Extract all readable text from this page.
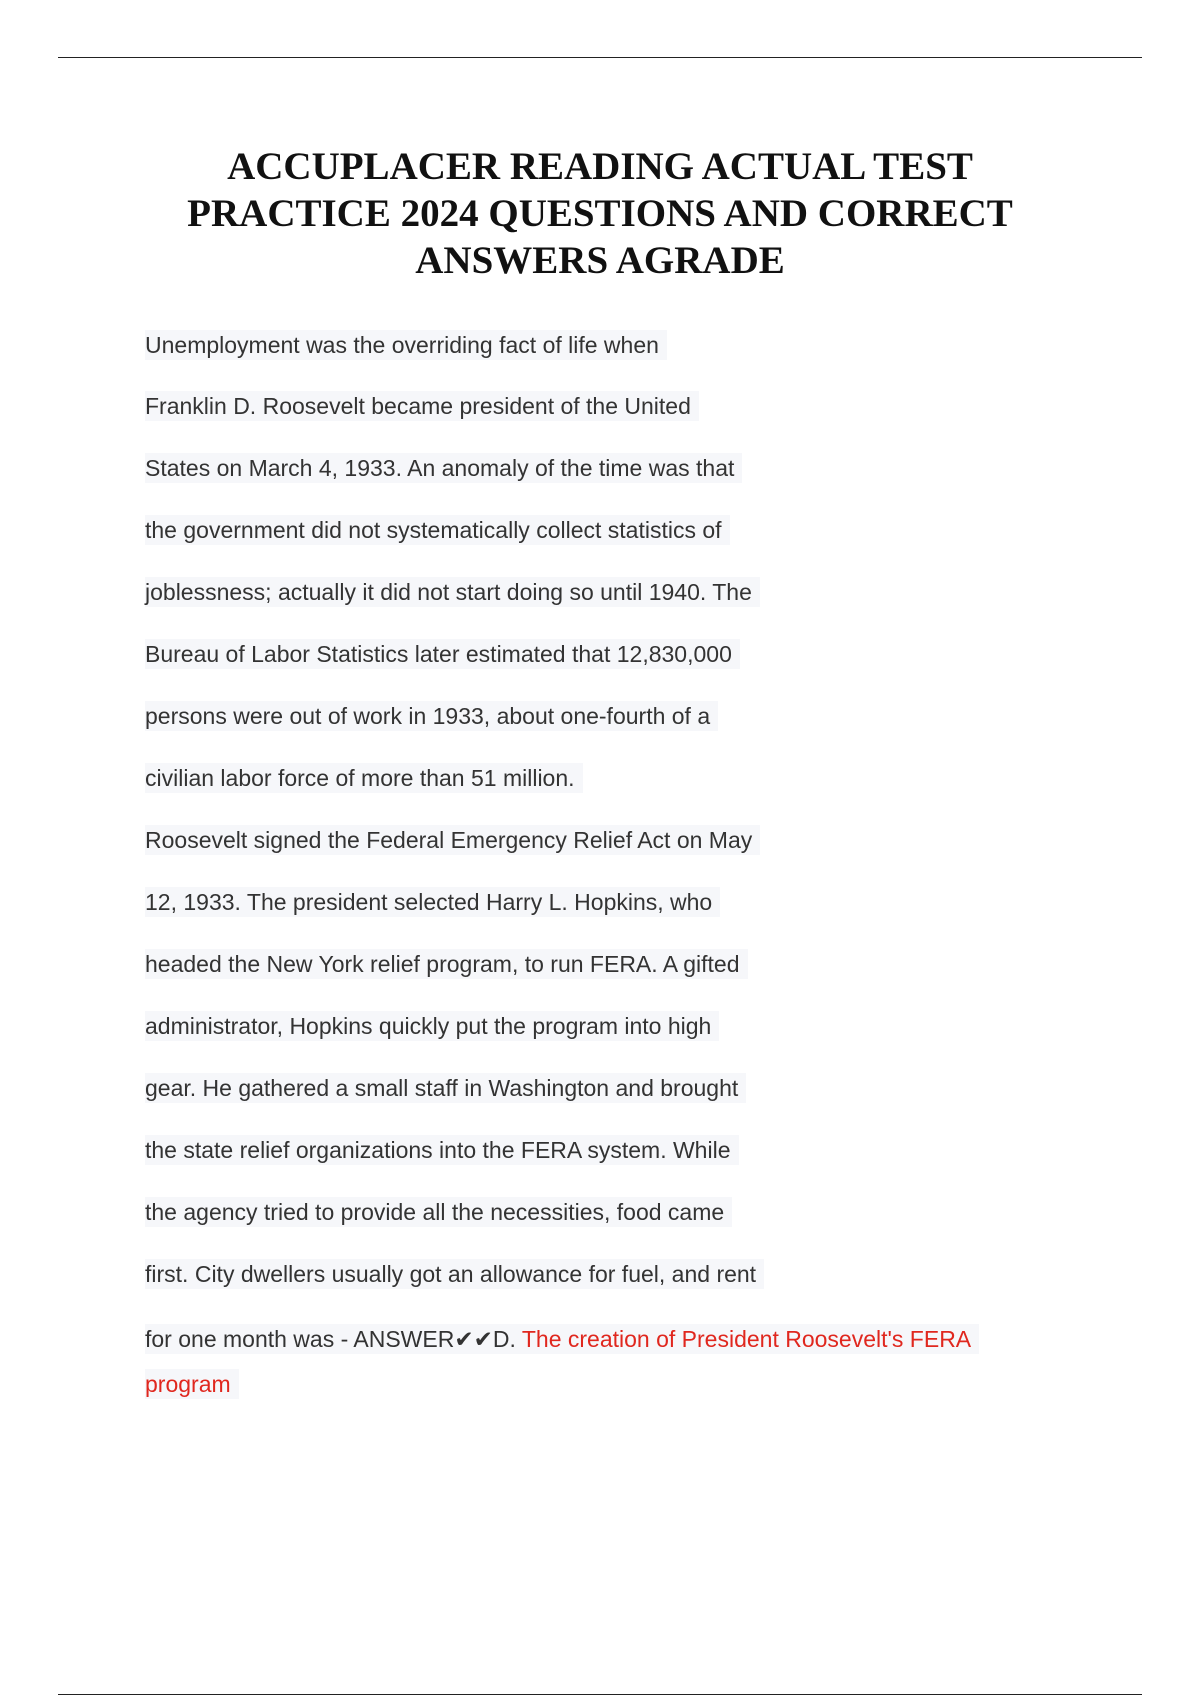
ACCUPLACER READING ACTUAL TEST
PRACTICE 2024 QUESTIONS AND CORRECT
ANSWERS AGRADE
Unemployment was the overriding fact of life when
Franklin D. Roosevelt became president of the United
States on March 4, 1933. An anomaly of the time was that
the government did not systematically collect statistics of
joblessness; actually it did not start doing so until 1940. The
Bureau of Labor Statistics later estimated that 12,830,000
persons were out of work in 1933, about one-fourth of a
civilian labor force of more than 51 million.
Roosevelt signed the Federal Emergency Relief Act on May
12, 1933. The president selected Harry L. Hopkins, who
headed the New York relief program, to run FERA. A gifted
administrator, Hopkins quickly put the program into high
gear. He gathered a small staff in Washington and brought
the state relief organizations into the FERA system. While
the agency tried to provide all the necessities, food came
first. City dwellers usually got an allowance for fuel, and rent
for one month was - ANSWER✔✔D. The creation of President Roosevelt's FERA
program
